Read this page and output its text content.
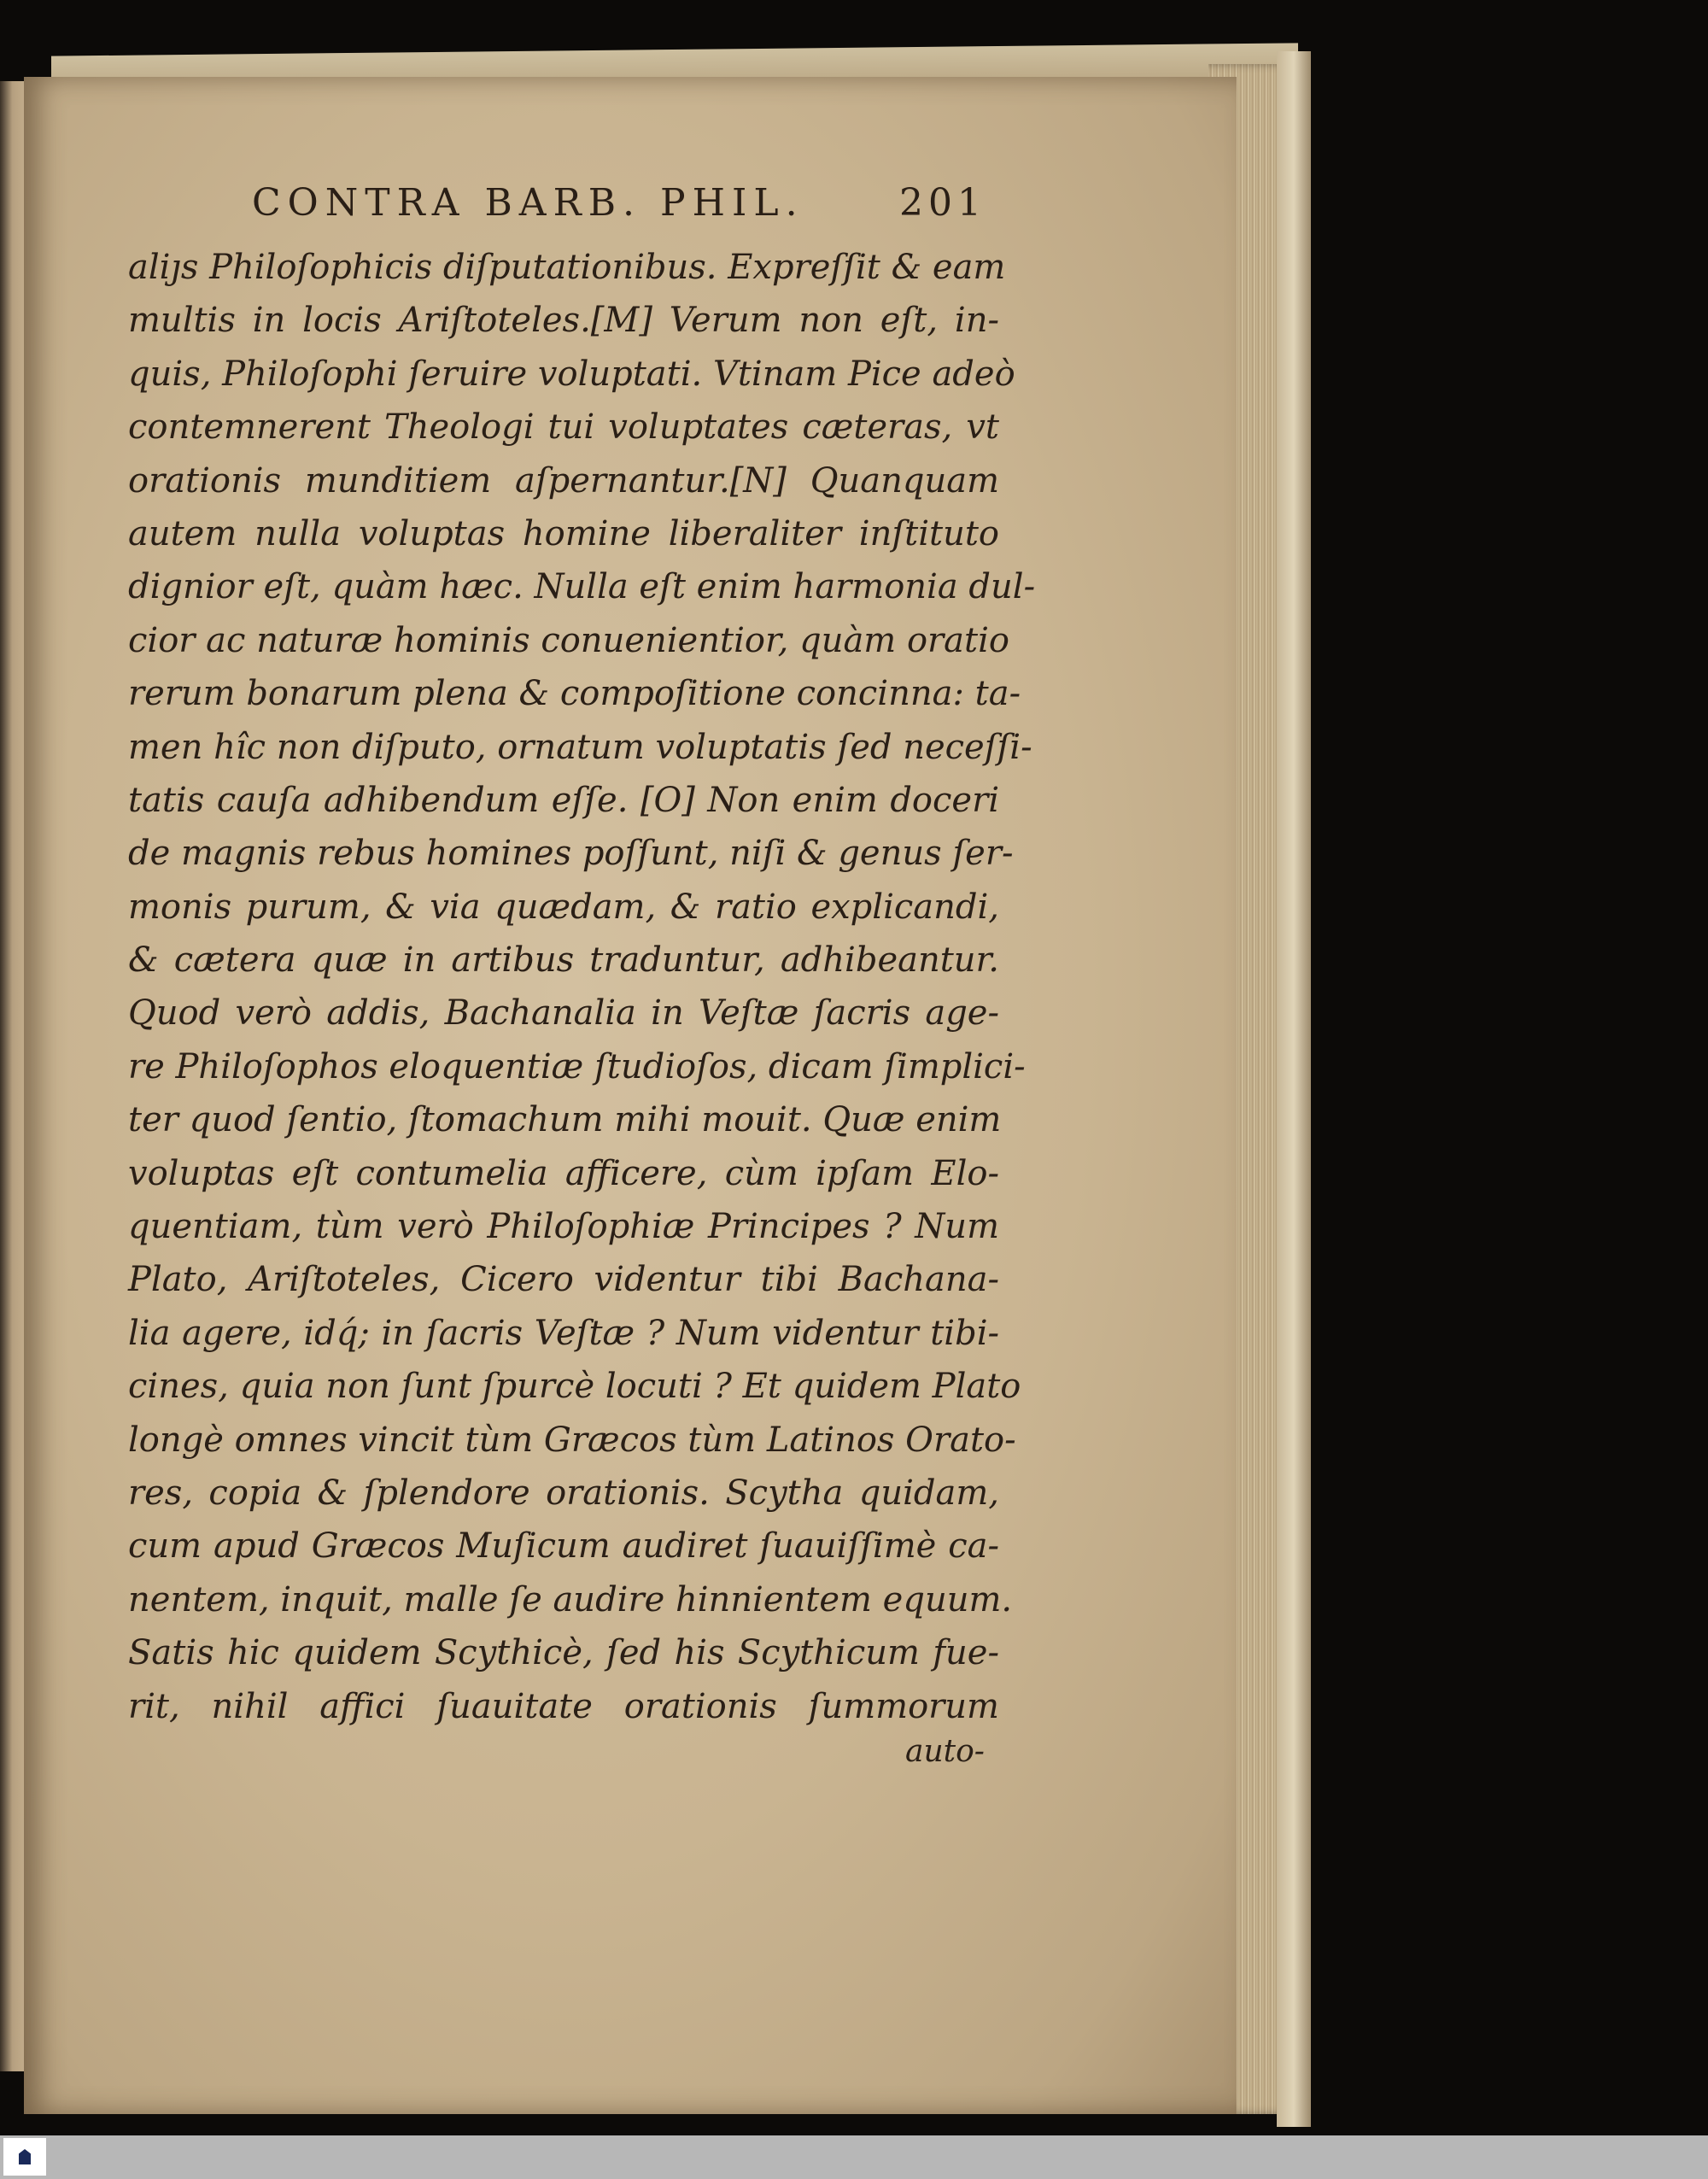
CONTRA BARB. PHIL.	201
aliȷs Philoſophicis diſputationibus. Expreſſit & eam
multis in locis Ariſtoteles.[M] Verum non eſt, in-
quis, Philoſophi ſeruire voluptati. Vtinam Pice adeò
contemnerent Theologi tui voluptates cæteras, vt
orationis munditiem aſpernantur.[N] Quanquam
autem nulla voluptas homine liberaliter inſtituto
dignior eſt, quàm hæc. Nulla eſt enim harmonia dul-
cior ac naturæ hominis conuenientior, quàm oratio
rerum bonarum plena & compoſitione concinna: ta-
men hîc non diſputo, ornatum voluptatis ſed neceſſi-
tatis cauſa adhibendum eſſe. [O] Non enim doceri
de magnis rebus homines poſſunt, niſi & genus ſer-
monis purum, & via quædam, & ratio explicandi,
& cætera quæ in artibus traduntur, adhibeantur.
Quod verò addis, Bachanalia in Veſtæ ſacris age-
re Philoſophos eloquentiæ ſtudioſos, dicam ſimplici-
ter quod ſentio, ſtomachum mihi mouit. Quæ enim
voluptas eſt contumelia afficere, cùm ipſam Elo-
quentiam, tùm verò Philoſophiæ Principes ? Num
Plato, Ariſtoteles, Cicero videntur tibi Bachana-
lia agere, idq́; in ſacris Veſtæ ? Num videntur tibi-
cines, quia non ſunt ſpurcè locuti ? Et quidem Plato
longè omnes vincit tùm Græcos tùm Latinos Orato-
res, copia & ſplendore orationis. Scytha quidam,
cum apud Græcos Muſicum audiret ſuauiſſimè ca-
nentem, inquit, malle ſe audire hinnientem equum.
Satis hic quidem Scythicè, ſed his Scythicum fue-
rit, nihil affici ſuauitate orationis ſummorum
auto-
